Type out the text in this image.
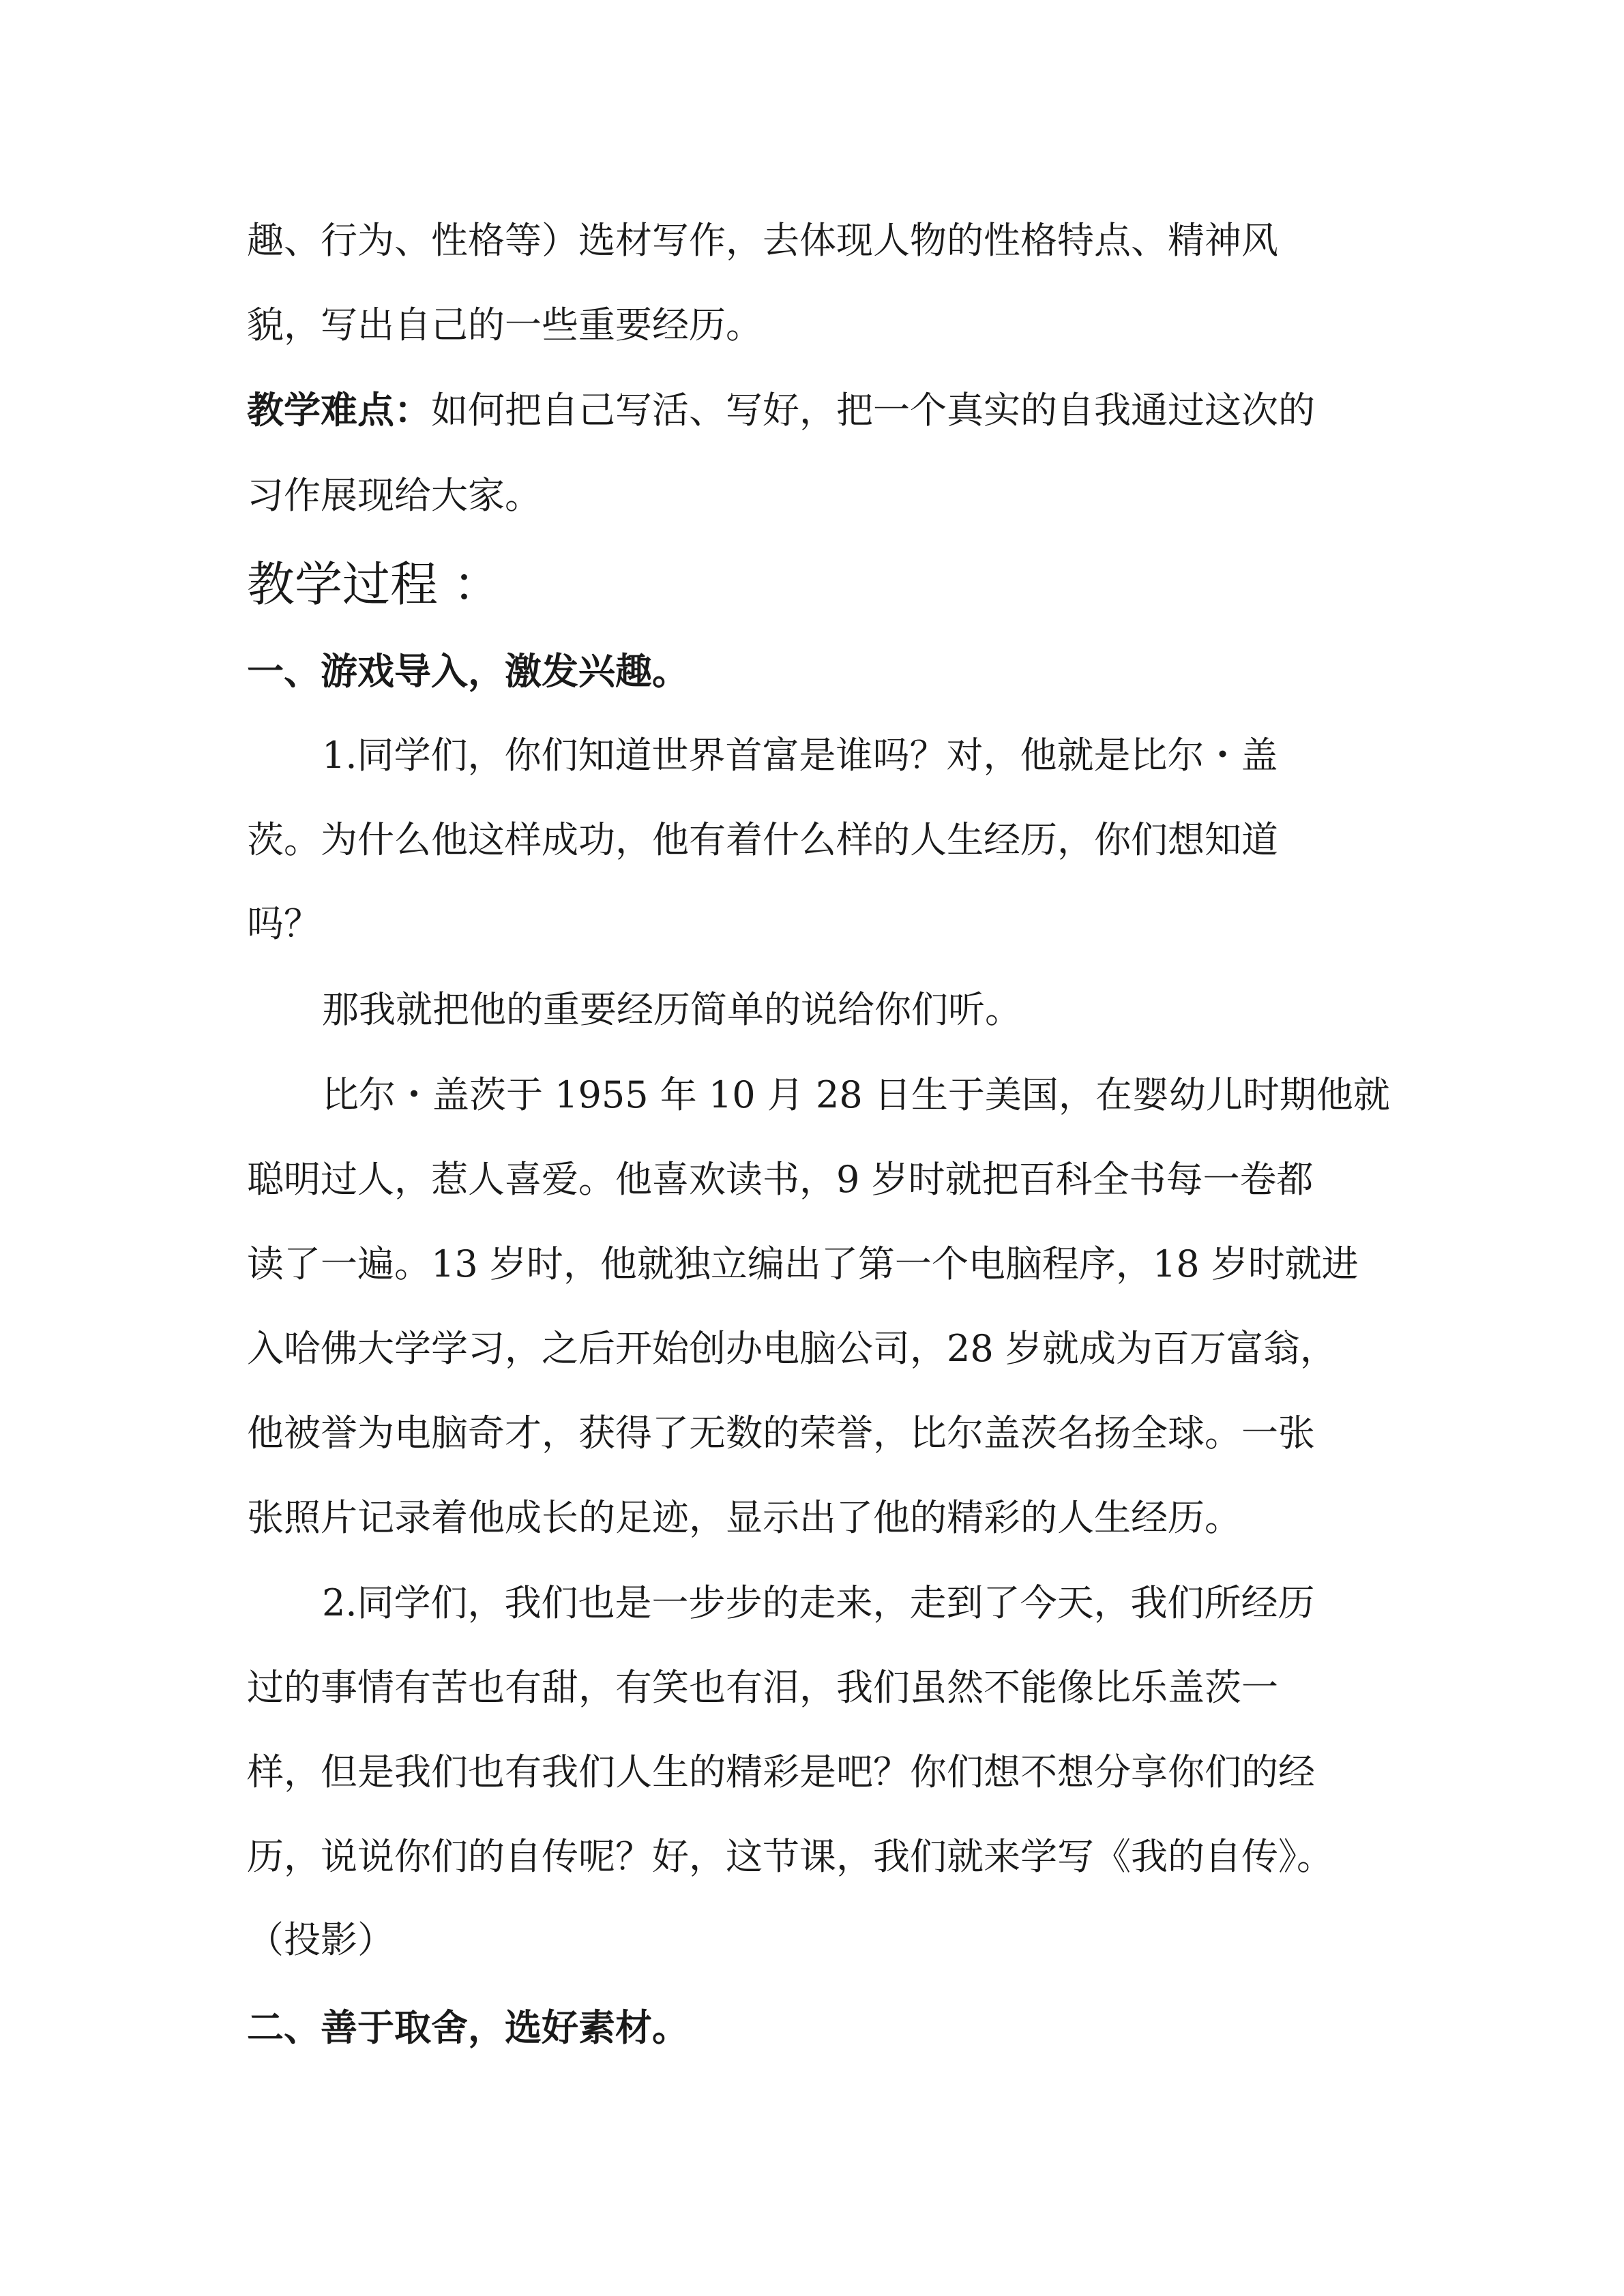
趣、行为、性格等）选材写作，去体现人物的性格特点、精神风
貌，写出自己的一些重要经历。
教学难点：如何把自己写活、写好，把一个真实的自我通过这次的
习作展现给大家。
教学过程 ：
一、游戏导入，激发兴趣。
1.同学们，你们知道世界首富是谁吗？对，他就是比尔・盖
茨。为什么他这样成功，他有着什么样的人生经历，你们想知道
吗？
那我就把他的重要经历简单的说给你们听。
比尔・盖茨于 1955 年 10 月 28 日生于美国，在婴幼儿时期他就
聪明过人，惹人喜爱。他喜欢读书，9 岁时就把百科全书每一卷都
读了一遍。13 岁时，他就独立编出了第一个电脑程序，18 岁时就进
入哈佛大学学习，之后开始创办电脑公司，28 岁就成为百万富翁，
他被誉为电脑奇才，获得了无数的荣誉，比尔盖茨名扬全球。一张
张照片记录着他成长的足迹，显示出了他的精彩的人生经历。
2.同学们，我们也是一步步的走来，走到了今天，我们所经历
过的事情有苦也有甜，有笑也有泪，我们虽然不能像比乐盖茨一
样，但是我们也有我们人生的精彩是吧？你们想不想分享你们的经
历，说说你们的自传呢？好，这节课，我们就来学写《我的自传》。
（投影）
二、善于取舍，选好素材。
